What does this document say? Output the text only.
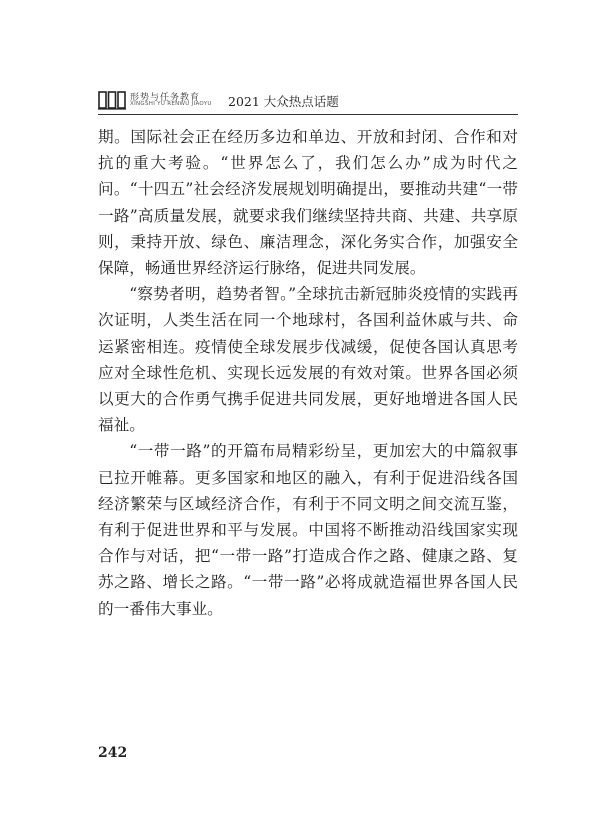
形势与任务教育
XINGSHI YU RENWU JIAOYU 2021 大众热点话题

期。国际社会正在经历多边和单边、开放和封闭、合作和对抗的重大考验。“世界怎么了，我们怎么办”成为时代之问。“十四五”社会经济发展规划明确提出，要推动共建“一带一路”高质量发展，就要求我们继续坚持共商、共建、共享原则，秉持开放、绿色、廉洁理念，深化务实合作，加强安全保障，畅通世界经济运行脉络，促进共同发展。

“察势者明，趋势者智。”全球抗击新冠肺炎疫情的实践再次证明，人类生活在同一个地球村，各国利益休戚与共、命运紧密相连。疫情使全球发展步伐减缓，促使各国认真思考应对全球性危机、实现长远发展的有效对策。世界各国必须以更大的合作勇气携手促进共同发展，更好地增进各国人民福祉。

“一带一路”的开篇布局精彩纷呈，更加宏大的中篇叙事已拉开帷幕。更多国家和地区的融入，有利于促进沿线各国经济繁荣与区域经济合作，有利于不同文明之间交流互鉴，有利于促进世界和平与发展。中国将不断推动沿线国家实现合作与对话，把“一带一路”打造成合作之路、健康之路、复苏之路、增长之路。“一带一路”必将成就造福世界各国人民的一番伟大事业。

242
